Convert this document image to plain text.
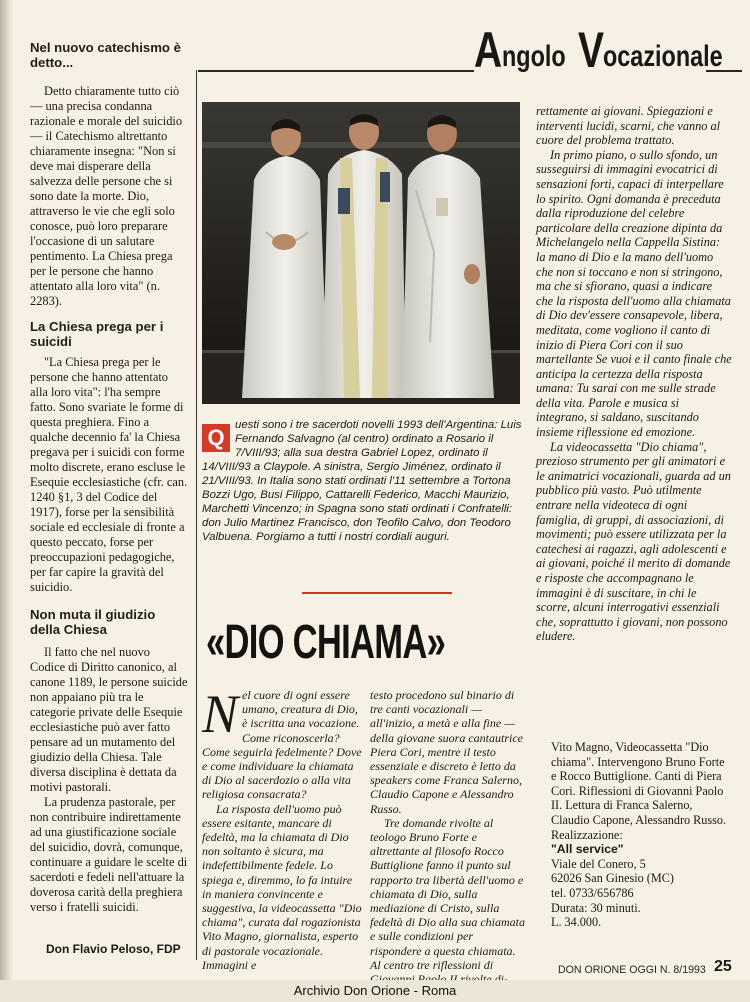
A ngolo V ocazionale
Nel nuovo catechismo è detto...

Detto chiaramente tutto ciò — una precisa condanna razionale e morale del suicidio — il Catechismo altrettanto chiaramente insegna: "Non si deve mai disperare della salvezza delle persone che si sono date la morte. Dio, attraverso le vie che egli solo conosce, può loro preparare l'occasione di un salutare pentimento. La Chiesa prega per le persone che hanno attentato alla loro vita" (n. 2283).

La Chiesa prega per i suicidi

"La Chiesa prega per le persone che hanno attentato alla loro vita": l'ha sempre fatto. Sono svariate le forme di questa preghiera. Fino a qualche decennio fa' la Chiesa pregava per i suicidi con forme molto discrete, erano escluse le Esequie ecclesiastiche (cfr. can. 1240 §1, 3 del Codice del 1917), forse per la sensibilità sociale ed ecclesiale di fronte a questo peccato, forse per preoccupazioni pedagogiche, per far capire la gravità del suicidio.

Non muta il giudizio della Chiesa

Il fatto che nel nuovo Codice di Diritto canonico, al canone 1189, le persone suicide non appaiano più tra le categorie private delle Esequie ecclesiastiche può aver fatto pensare ad un mutamento del giudizio della Chiesa. Tale diversa disciplina è dettata da motivi pastorali.

La prudenza pastorale, per non contribuire indirettamente ad una giustificazione sociale del suicidio, dovrà, comunque, continuare a guidare le scelte di sacerdoti e fedeli nell'attuare la doverosa carità della preghiera verso i fratelli suicidi.

Don Flavio Peloso, FDP
Q uesti sono i tre sacerdoti novelli 1993 dell'Argentina: Luis Fernando Salvagno (al centro) ordinato a Rosario il 7/VIII/93; alla sua destra Gabriel Lopez, ordinato il 14/VIII/93 a Claypole. A sinistra, Sergio Jiménez, ordinato il 21/VIII/93. In Italia sono stati ordinati l'11 settembre a Tortona Bozzi Ugo, Busi Filippo, Cattarelli Federico, Macchi Maurizio, Marchetti Vincenzo; in Spagna sono stati ordinati i Confratelli: don Julio Martinez Francisco, don Teofilo Calvo, don Teodoro Valbuena. Porgiamo a tutti i nostri cordiali auguri.

rettamente ai giovani. Spiegazioni e interventi lucidi, scarni, che vanno al cuore del problema trattato.

In primo piano, o sullo sfondo, un susseguirsi di immagini evocatrici di sensazioni forti, capaci di interpellare lo spirito. Ogni domanda è preceduta dalla riproduzione del celebre particolare della creazione dipinta da Michelangelo nella Cappella Sistina: la mano di Dio e la mano dell'uomo che non si toccano e non si stringono, ma che si sfiorano, quasi a indicare che la risposta dell'uomo alla chiamata di Dio dev'essere consapevole, libera, meditata, come vogliono il canto di inizio di Piera Cori con il suo martellante Se vuoi e il canto finale che anticipa la certezza della risposta umana: Tu sarai con me sulle strade della vita. Parole e musica si integrano, si saldano, suscitando insieme riflessione ed emozione.

La videocassetta "Dio chiama", prezioso strumento per gli animatori e le animatrici vocazionali, guarda ad un pubblico più vasto. Può utilmente entrare nella videoteca di ogni famiglia, di gruppi, di associazioni, di movimenti; può essere utilizzata per la catechesi ai ragazzi, agli adolescenti e ai giovani, poiché il merito di domande e risposte che accompagnano le immagini è di suscitare, in chi le scorre, alcuni interrogativi essenziali che, soprattutto i giovani, non possono eludere.

«DIO CHIAMA»
N el cuore di ogni essere umano, creatura di Dio, è iscritta una vocazione. Come riconoscerla? Come seguirla fedelmente? Dove e come individuare la chiamata di Dio al sacerdozio o alla vita religiosa consacrata?

La risposta dell'uomo può essere esitante, mancare di fedeltà, ma la chiamata di Dio non soltanto è sicura, ma indefettibilmente fedele. Lo spiega e, diremmo, lo fa intuire in maniera convincente e suggestiva, la videocassetta "Dio chiama", curata dal rogazionista Vito Magno, giornalista, esperto di pastorale vocazionale. Immagini e

testo procedono sul binario di tre canti vocazionali — all'inizio, a metà e alla fine — della giovane suora cantautrice Piera Cori, mentre il testo essenziale e discreto è letto da speakers come Franca Salerno, Claudio Capone e Alessandro Russo.

Tre domande rivolte al teologo Bruno Forte e altrettante al filosofo Rocco Buttiglione fanno il punto sul rapporto tra libertà dell'uomo e chiamata di Dio, sulla mediazione di Cristo, sulla fedeltà di Dio alla sua chiamata e sulle condizioni per rispondere a questa chiamata. Al centro tre riflessioni di

Vito Magno, Videocassetta "Dio chiama". Intervengono Bruno Forte e Rocco Buttiglione. Canti di Piera Cori. Riflessioni di Giovanni Paolo II. Lettura di Franca Salerno, Claudio Capone, Alessandro Russo. Realizzazione:
"All service"
Viale del Conero, 5
62026 San Ginesio (MC)
tel. 0733/656786
Durata: 30 minuti.
L. 34.000.
DON ORIONE OGGI N. 8/1993 25
Archivio Don Orione - Roma
